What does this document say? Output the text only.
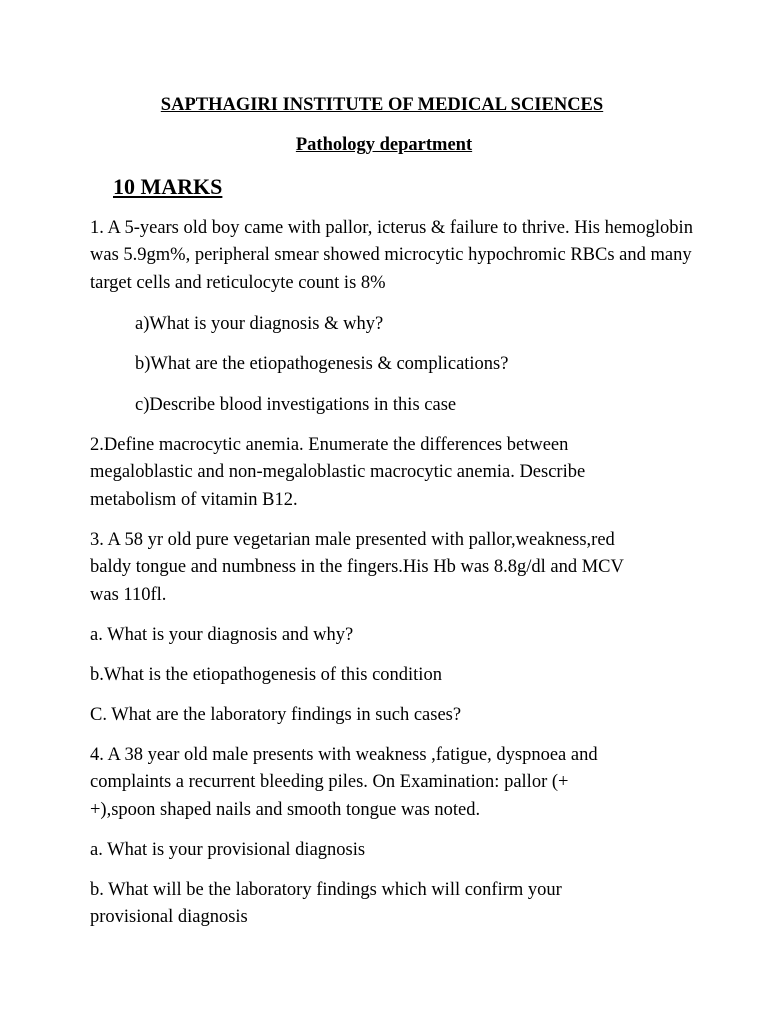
SAPTHAGIRI INSTITUTE OF MEDICAL SCIENCES
Pathology department
10 MARKS
1. A 5-years old boy came with pallor, icterus & failure to thrive. His hemoglobin
was 5.9gm%, peripheral smear showed microcytic hypochromic RBCs and many
target cells and reticulocyte count is 8%
a)What is your diagnosis & why?
b)What are the etiopathogenesis & complications?
c)Describe blood investigations in this case
2.Define macrocytic anemia. Enumerate the differences between
megaloblastic and non-megaloblastic macrocytic anemia. Describe
metabolism of vitamin B12.
3. A 58 yr old pure vegetarian male presented with pallor,weakness,red
baldy tongue and numbness in the fingers.His Hb was 8.8g/dl and MCV
was 110fl.
a. What is your diagnosis and why?
b.What is the etiopathogenesis of this condition
C. What are the laboratory findings in such cases?
4. A 38 year old male presents with weakness ,fatigue, dyspnoea and
complaints a recurrent bleeding piles. On Examination: pallor (+
+),spoon shaped nails and smooth tongue was noted.
a. What is your provisional diagnosis
b. What will be the laboratory findings which will confirm your
provisional diagnosis
